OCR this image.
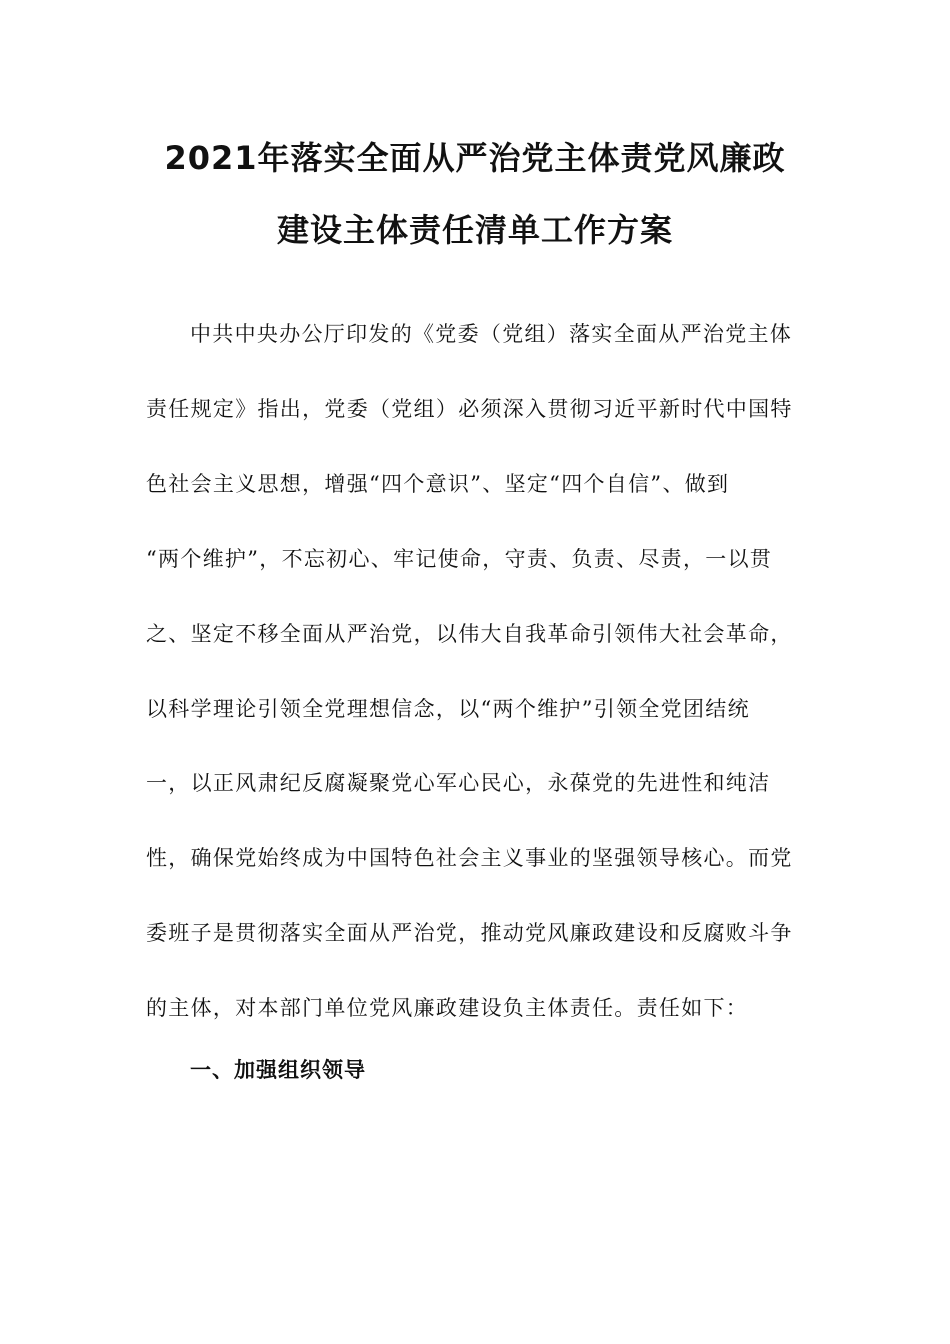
2021年落实全面从严治党主体责党风廉政
建设主体责任清单工作方案

中共中央办公厅印发的《党委（党组）落实全面从严治党主体

责任规定》指出，党委（党组）必须深入贯彻习近平新时代中国特

色社会主义思想，增强“四个意识”、坚定“四个自信”、做到

“两个维护”，不忘初心、牢记使命，守责、负责、尽责，一以贯

之、坚定不移全面从严治党，以伟大自我革命引领伟大社会革命，

以科学理论引领全党理想信念，以“两个维护”引领全党团结统

一，以正风肃纪反腐凝聚党心军心民心，永葆党的先进性和纯洁

性，确保党始终成为中国特色社会主义事业的坚强领导核心。而党

委班子是贯彻落实全面从严治党，推动党风廉政建设和反腐败斗争

的主体，对本部门单位党风廉政建设负主体责任。责任如下：

一、加强组织领导
